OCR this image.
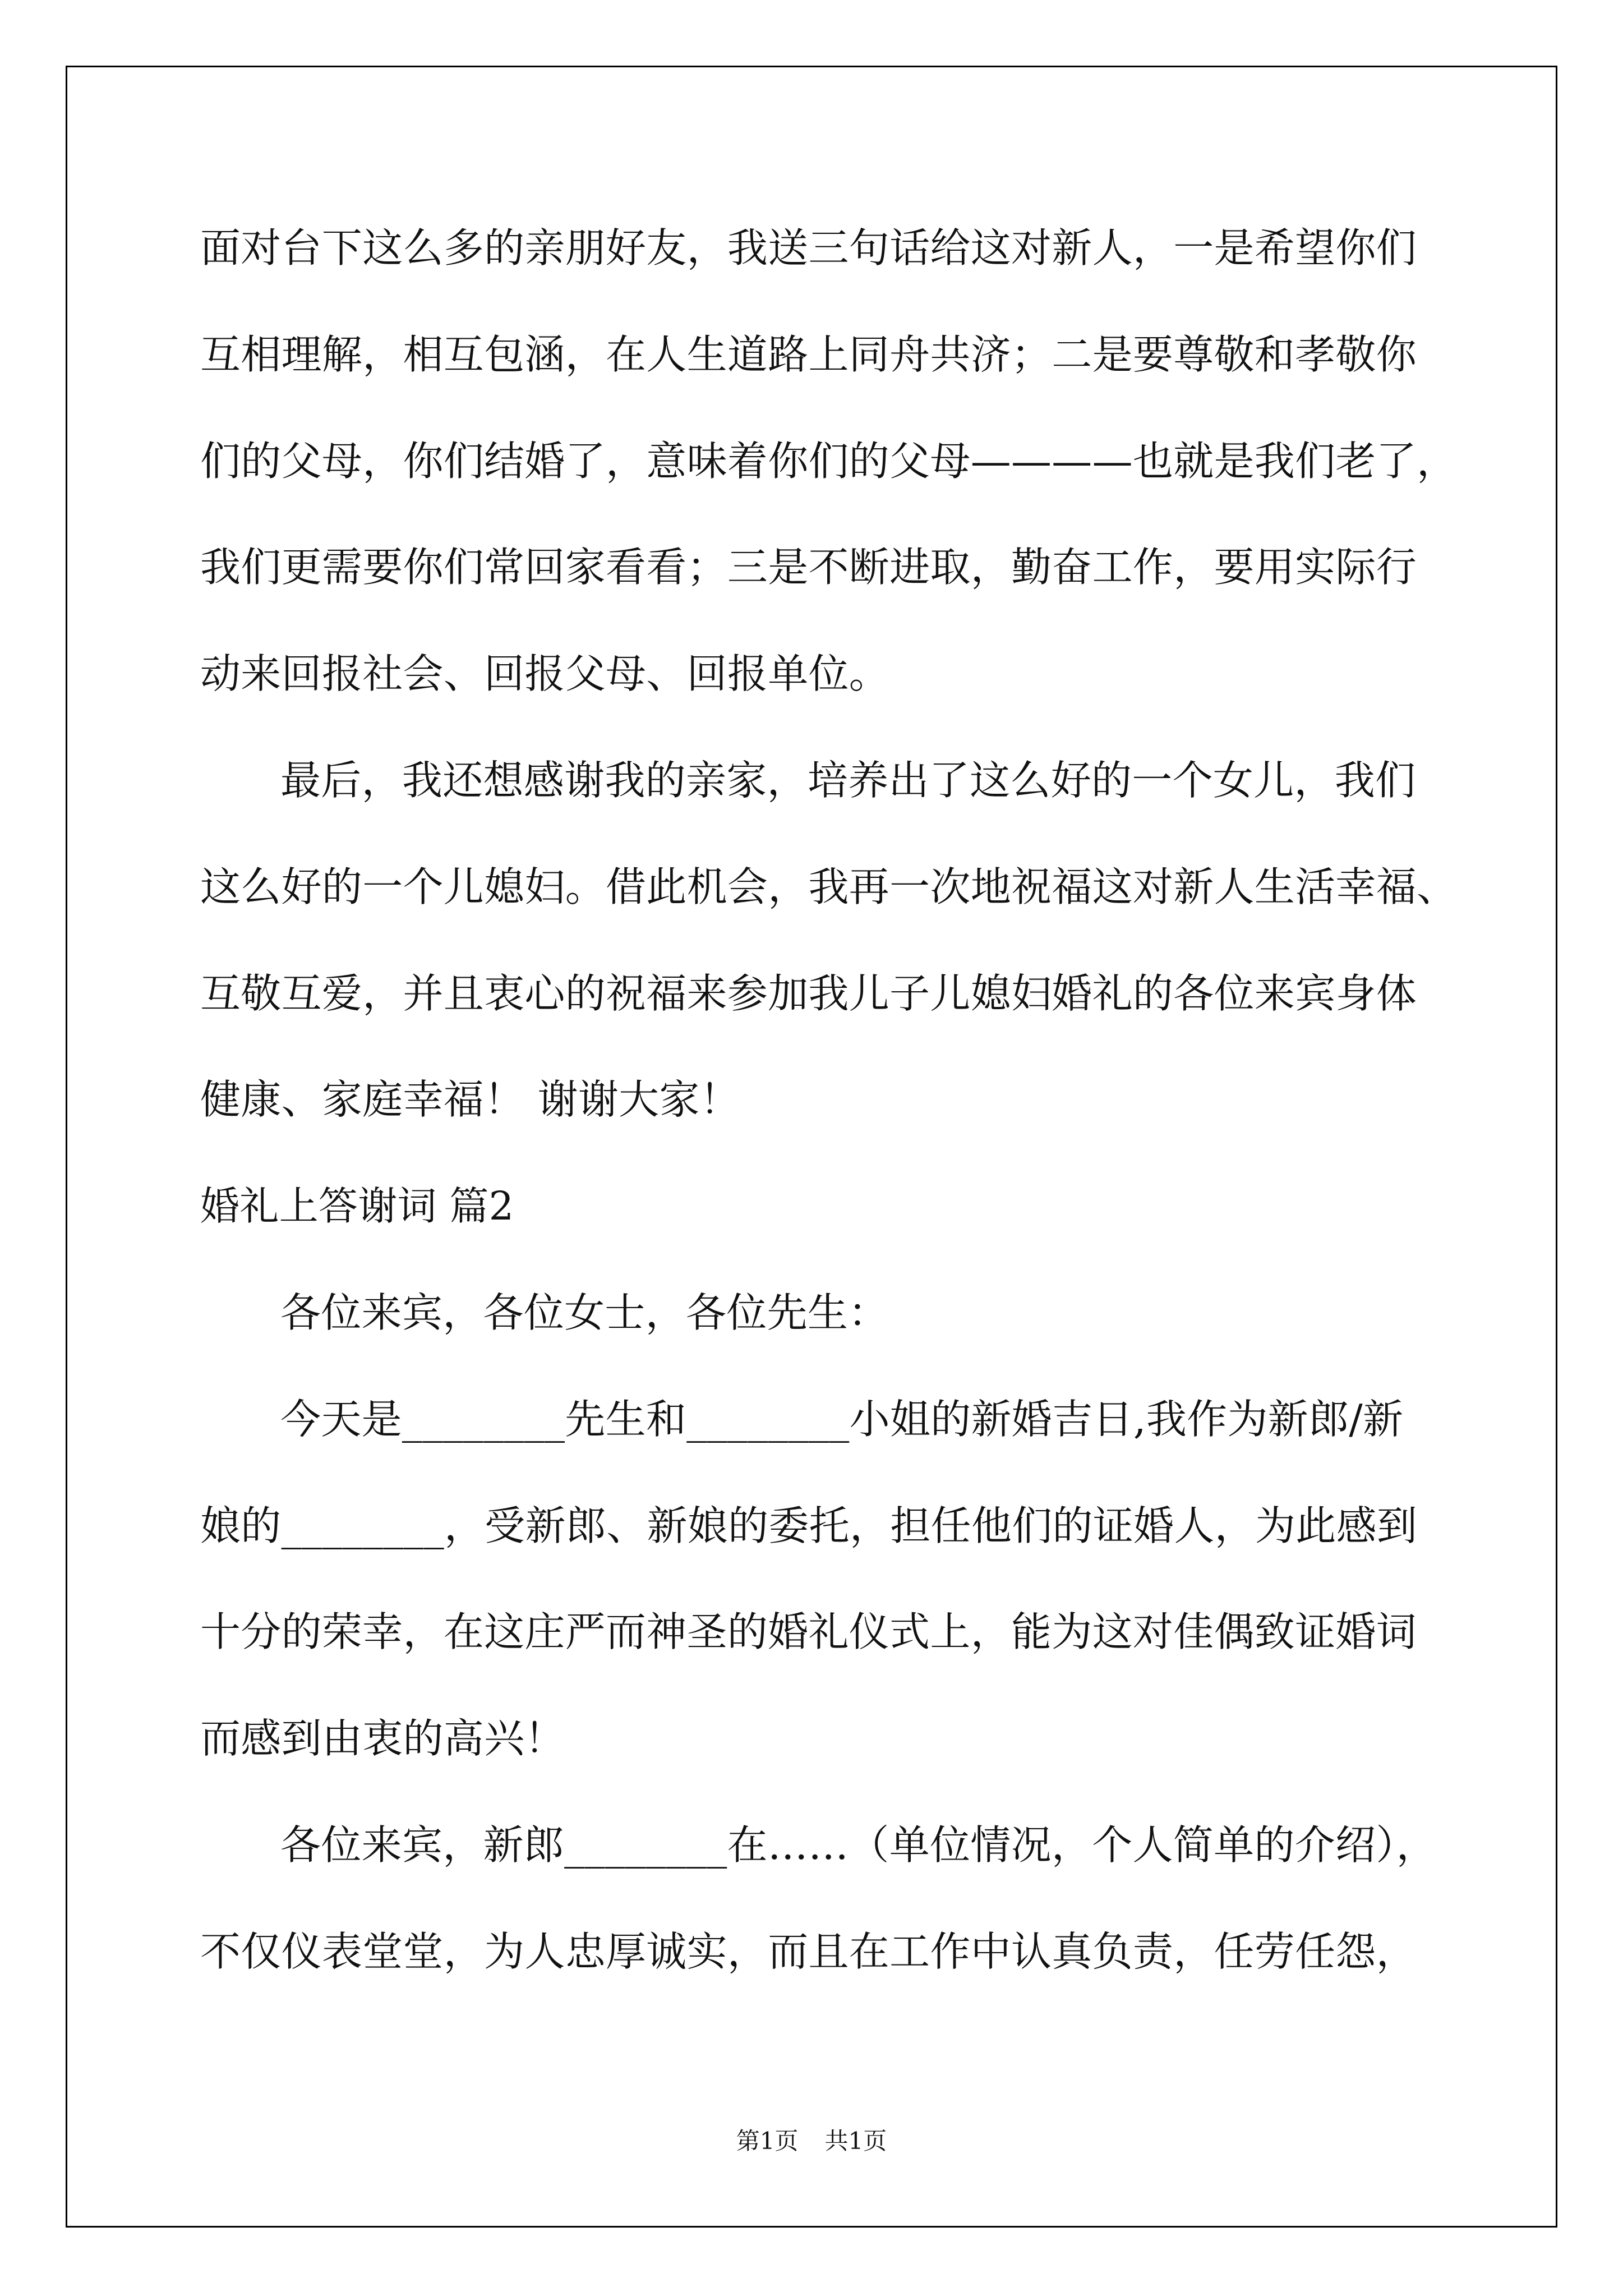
面对台下这么多的亲朋好友，我送三句话给这对新人，一是希望你们
互相理解，相互包涵，在人生道路上同舟共济；二是要尊敬和孝敬你
们的父母，你们结婚了，意味着你们的父母————也就是我们老了，
我们更需要你们常回家看看；三是不断进取，勤奋工作，要用实际行
动来回报社会、回报父母、回报单位。
最后，我还想感谢我的亲家，培养出了这么好的一个女儿，我们
这么好的一个儿媳妇。借此机会，我再一次地祝福这对新人生活幸福、
互敬互爱，并且衷心的祝福来参加我儿子儿媳妇婚礼的各位来宾身体
健康、家庭幸福！ 谢谢大家！
婚礼上答谢词 篇2
各位来宾，各位女士，各位先生：
今天是________先生和________小姐的新婚吉日,我作为新郎/新
娘的________，受新郎、新娘的委托，担任他们的证婚人，为此感到
十分的荣幸，在这庄严而神圣的婚礼仪式上，能为这对佳偶致证婚词
而感到由衷的高兴！
各位来宾，新郎________在……（单位情况，个人简单的介绍），
不仅仪表堂堂，为人忠厚诚实，而且在工作中认真负责，任劳任怨，
第1页 共1页
